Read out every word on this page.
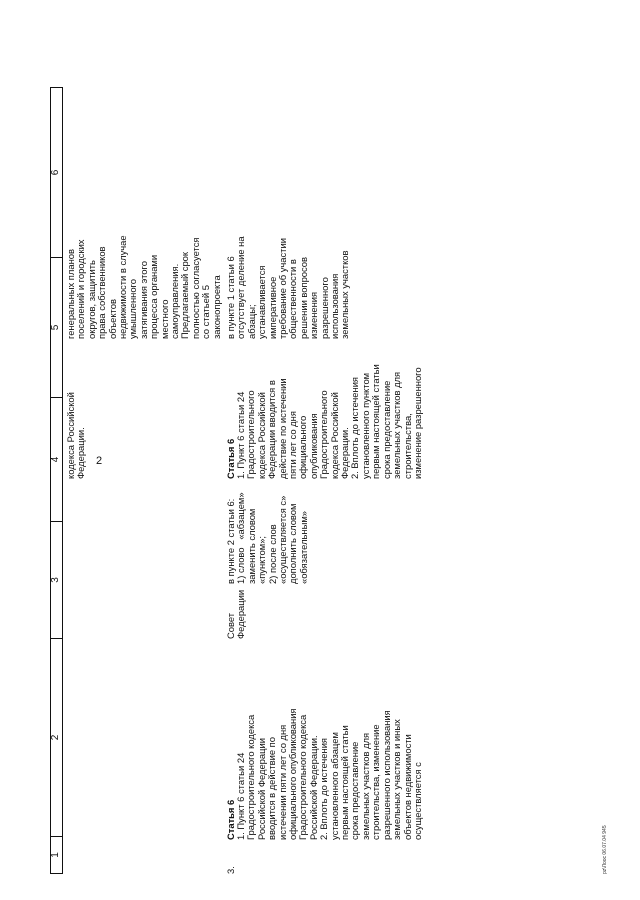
2
1
2
3
4
5
6
кодекса Российской
Федерации.
генеральных планов
поселений и городских
округов, защитить
права собственников
объектов
недвижимости в случае
умышленного
затягивания этого
процесса органами
местного
самоуправления.
Предлагаемый срок
полностью согласуется
со статьей 5
законопроекта
3.
Статья 6 1. Пункт 6 статьи 24
Градостроительного кодекса
Российской Федерации
вводится в действие по
истечении пяти лет со дня
официального опубликования
Градостроительного кодекса
Российской Федерации.
2. Вплоть до истечения
установленного абзацем
первым настоящей статьи
срока предоставление
земельных участков для
строительства, изменение
разрешенного использования
земельных участков и иных
объектов недвижимости
осуществляется с
Совет
Федерации
в пункте 2 статьи 6:
1) слово   «абзацем»
заменить словом
«пунктом»;
2) после слов
«осуществляется с»
дополнить словом
«обязательным»
Статья 6 1. Пункт 6 статьи 24
Градостроительного
кодекса Российской
Федерации вводится в
действие по истечении
пяти лет со дня
официального
опубликования
Градостроительного
кодекса Российской
Федерации.
2. Вплоть до истечения
установленного пунктом
первым настоящей статьи
срока предоставление
земельных участков для
строительства,
изменение разрешенного
в пункте 1 статьи 6
отсутствует деление на
абзацы;
устанавливается
императивное
требование об участии
общественности в
решении вопросов
изменения
разрешенного
использования
земельных участков
pz\Лоос 06.07.04 945
